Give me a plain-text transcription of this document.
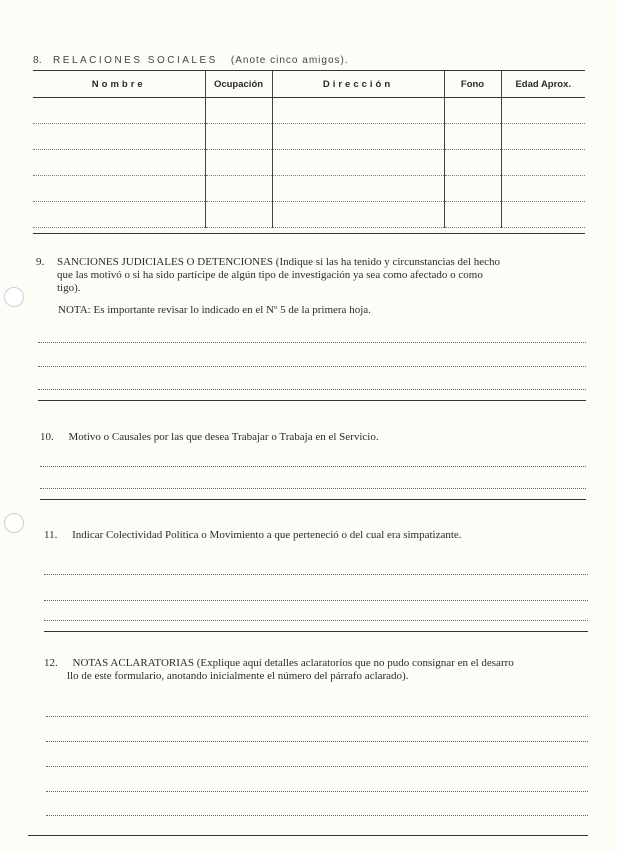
8. RELACIONES SOCIALES (Anote cinco amigos).
Nombre	Ocupación	Dirección	Fono	Edad Aprox.

9. SANCIONES JUDICIALES O DETENCIONES (Indique si las ha tenido y circunstancias del hecho
que las motivó o si ha sido partícipe de algún tipo de investigación ya sea como afectado o como
tigo).
NOTA: Es importante revisar lo indicado en el Nº 5 de la primera hoja.
10. Motivo o Causales por las que desea Trabajar o Trabaja en el Servicio.
11. Indicar Colectividad Política o Movimiento a que perteneció o del cual era simpatizante.
12. NOTAS ACLARATORIAS (Explique aquí detalles aclaratorios que no pudo consignar en el desarro
llo de este formulario, anotando inicialmente el número del párrafo aclarado).
